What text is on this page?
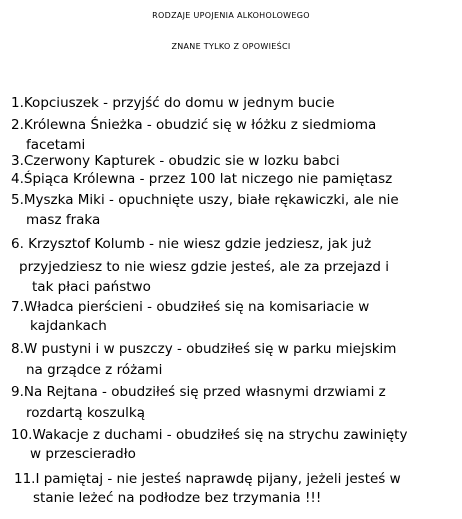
RODZAJE UPOJENIA ALKOHOLOWEGO
ZNANE TYLKO Z OPOWIEŚCI
1.Kopciuszek - przyjść do domu w jednym bucie
2.Królewna Śnieżka - obudzić się w łóżku z siedmioma
facetami
3.Czerwony Kapturek - obudzic sie w lozku babci
4.Śpiąca Królewna - przez 100 lat niczego nie pamiętasz
5.Myszka Miki - opuchnięte uszy, białe rękawiczki, ale nie
masz fraka
6. Krzysztof Kolumb - nie wiesz gdzie jedziesz, jak już
przyjedziesz to nie wiesz gdzie jesteś, ale za przejazd i
tak płaci państwo
7.Władca pierścieni - obudziłeś się na komisariacie w
kajdankach
8.W pustyni i w puszczy - obudziłeś się w parku miejskim
na grządce z różami
9.Na Rejtana - obudziłeś się przed własnymi drzwiami z
rozdartą koszulką
10.Wakacje z duchami - obudziłeś się na strychu zawinięty
w przescieradło
11.I pamiętaj - nie jesteś naprawdę pijany, jeżeli jesteś w
stanie leżeć na podłodze bez trzymania !!!
